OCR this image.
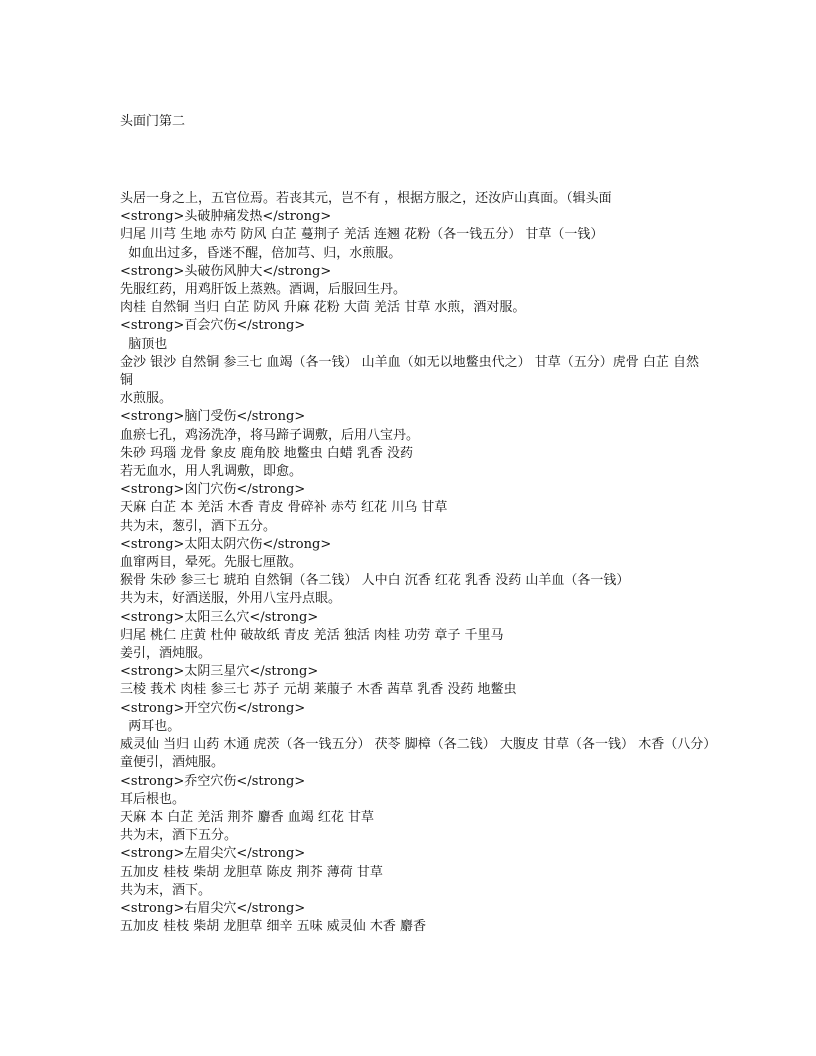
头面门第二

头居一身之上，五官位焉。若丧其元，岂不有 ，根据方服之，还汝庐山真面。（辑头面

<strong>头破肿痛发热</strong>

归尾 川芎 生地 赤芍 防风 白芷 蔓荆子 羌活 连翘 花粉（各一钱五分） 甘草（一钱）

如血出过多，昏迷不醒，倍加芎、归，水煎服。

<strong>头破伤风肿大</strong>

先服红药，用鸡肝饭上蒸熟。酒调，后服回生丹。

肉桂 自然铜 当归 白芷 防风 升麻 花粉 大茴 羌活 甘草 水煎，酒对服。

<strong>百会穴伤</strong>

脑顶也

金沙 银沙 自然铜 参三七 血竭（各一钱） 山羊血（如无以地鳖虫代之） 甘草（五分）虎骨 白芷 自然铜

水煎服。

<strong>脑门受伤</strong>

血瘀七孔，鸡汤洗净，将马蹄子调敷，后用八宝丹。

朱砂 玛瑙 龙骨 象皮 鹿角胶 地鳖虫 白蜡 乳香 没药

若无血水，用人乳调敷，即愈。

<strong>囟门穴伤</strong>

天麻 白芷 本 羌活 木香 青皮 骨碎补 赤芍 红花 川乌 甘草

共为末，葱引，酒下五分。

<strong>太阳太阴穴伤</strong>

血窜两目，晕死。先服七厘散。

猴骨 朱砂 参三七 琥珀 自然铜（各二钱） 人中白 沉香 红花 乳香 没药 山羊血（各一钱）

共为末，好酒送服，外用八宝丹点眼。

<strong>太阳三么穴</strong>

归尾 桃仁 庄黄 杜仲 破故纸 青皮 羌活 独活 肉桂 功劳 章子 千里马

姜引，酒炖服。

<strong>太阴三星穴</strong>

三棱 莪术 肉桂 参三七 苏子 元胡 莱菔子 木香 茜草 乳香 没药 地鳖虫

<strong>开空穴伤</strong>

两耳也。

威灵仙 当归 山药 木通 虎茨（各一钱五分） 茯苓 脚樟（各二钱） 大腹皮 甘草（各一钱） 木香（八分）

童便引，酒炖服。

<strong>乔空穴伤</strong>

耳后根也。

天麻 本 白芷 羌活 荆芥 麝香 血竭 红花 甘草

共为末，酒下五分。

<strong>左眉尖穴</strong>

五加皮 桂枝 柴胡 龙胆草 陈皮 荆芥 薄荷 甘草

共为末，酒下。

<strong>右眉尖穴</strong>

五加皮 桂枝 柴胡 龙胆草 细辛 五味 威灵仙 木香 麝香
